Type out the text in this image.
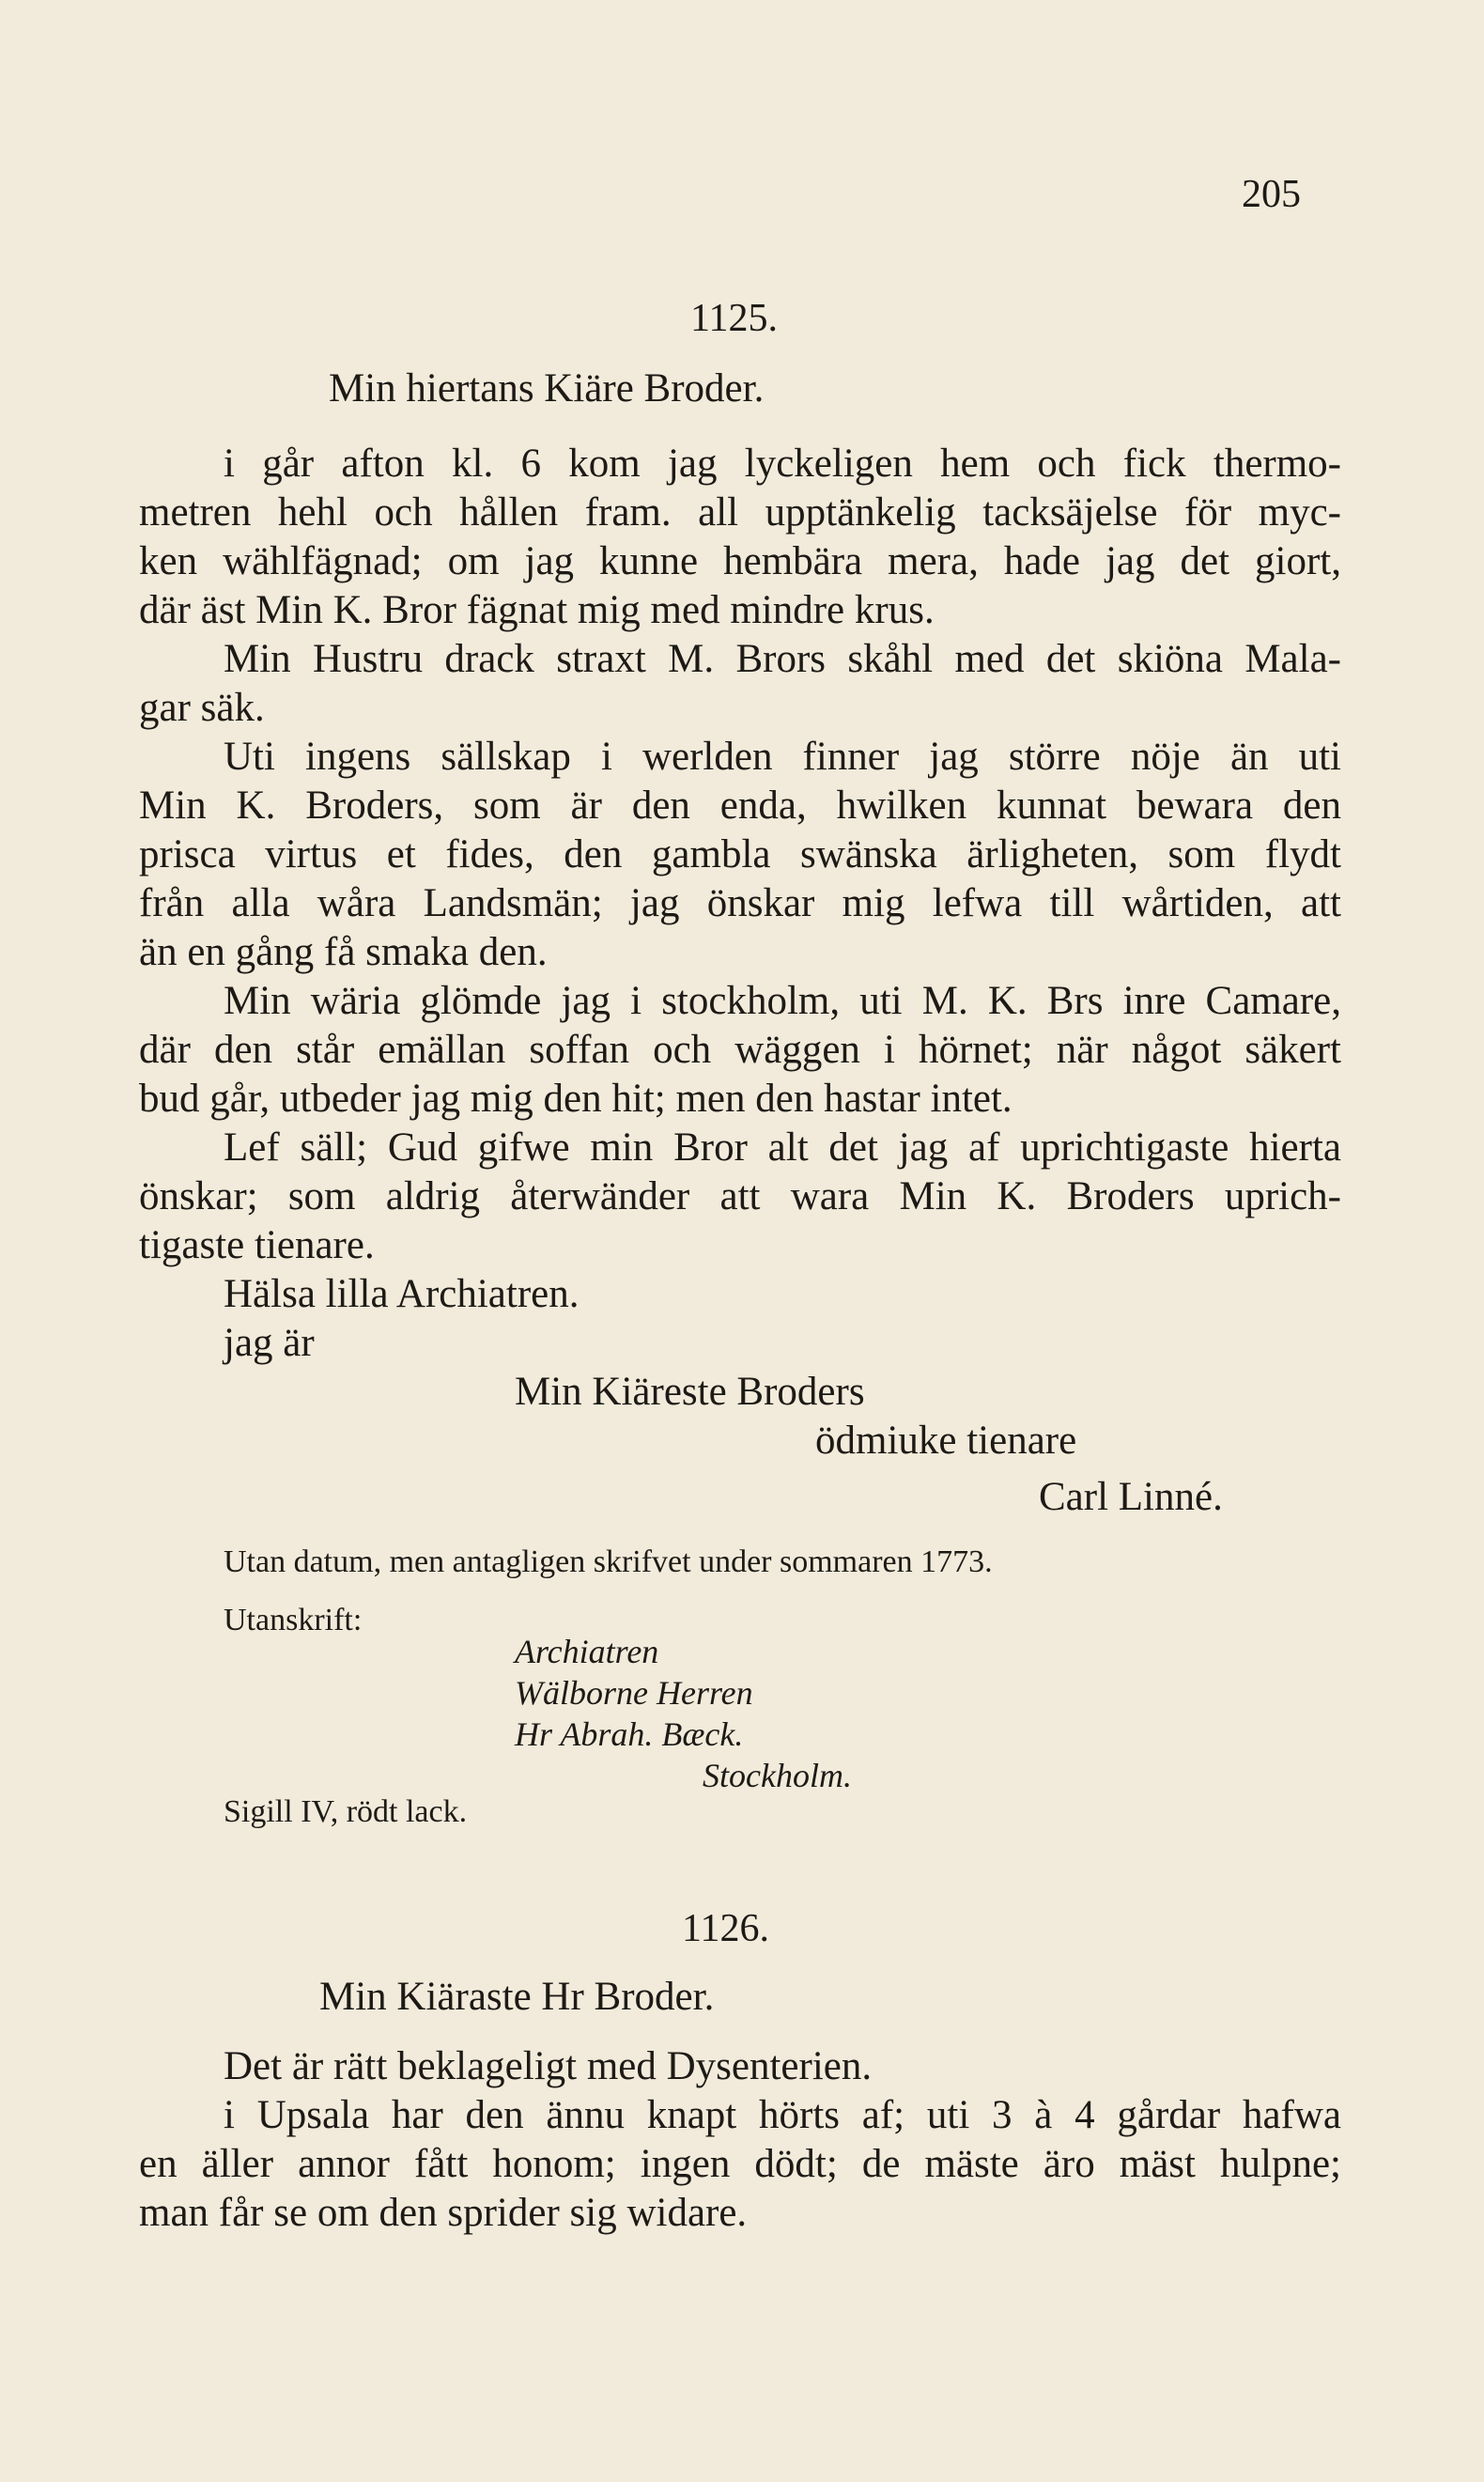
205
1125.
Min hiertans Kiäre Broder.
i går afton kl. 6 kom jag lyckeligen hem och fick thermo-
metren hehl och hållen fram. all upptänkelig tacksäjelse för myc-
ken wählfägnad; om jag kunne hembära mera, hade jag det giort,
där äst Min K. Bror fägnat mig med mindre krus.
Min Hustru drack straxt M. Brors skåhl med det skiöna Mala-
gar säk.
Uti ingens sällskap i werlden finner jag större nöje än uti
Min K. Broders, som är den enda, hwilken kunnat bewara den
prisca virtus et fides, den gambla swänska ärligheten, som flydt
från alla wåra Landsmän; jag önskar mig lefwa till wårtiden, att
än en gång få smaka den.
Min wäria glömde jag i stockholm, uti M. K. Brs inre Camare,
där den står emällan soffan och wäggen i hörnet; när något säkert
bud går, utbeder jag mig den hit; men den hastar intet.
Lef säll; Gud gifwe min Bror alt det jag af uprichtigaste hierta
önskar; som aldrig återwänder att wara Min K. Broders uprich-
tigaste tienare.
Hälsa lilla Archiatren.
jag är
Min Kiäreste Broders
ödmiuke tienare
Carl Linné.
Utan datum, men antagligen skrifvet under sommaren 1773.
Utanskrift:
Archiatren
Wälborne Herren
Hr Abrah. Bæck.
Stockholm.
Sigill IV, rödt lack.
1126.
Min Kiäraste Hr Broder.
Det är rätt beklageligt med Dysenterien.
i Upsala har den ännu knapt hörts af; uti 3 à 4 gårdar hafwa
en äller annor fått honom; ingen dödt; de mäste äro mäst hulpne;
man får se om den sprider sig widare.
